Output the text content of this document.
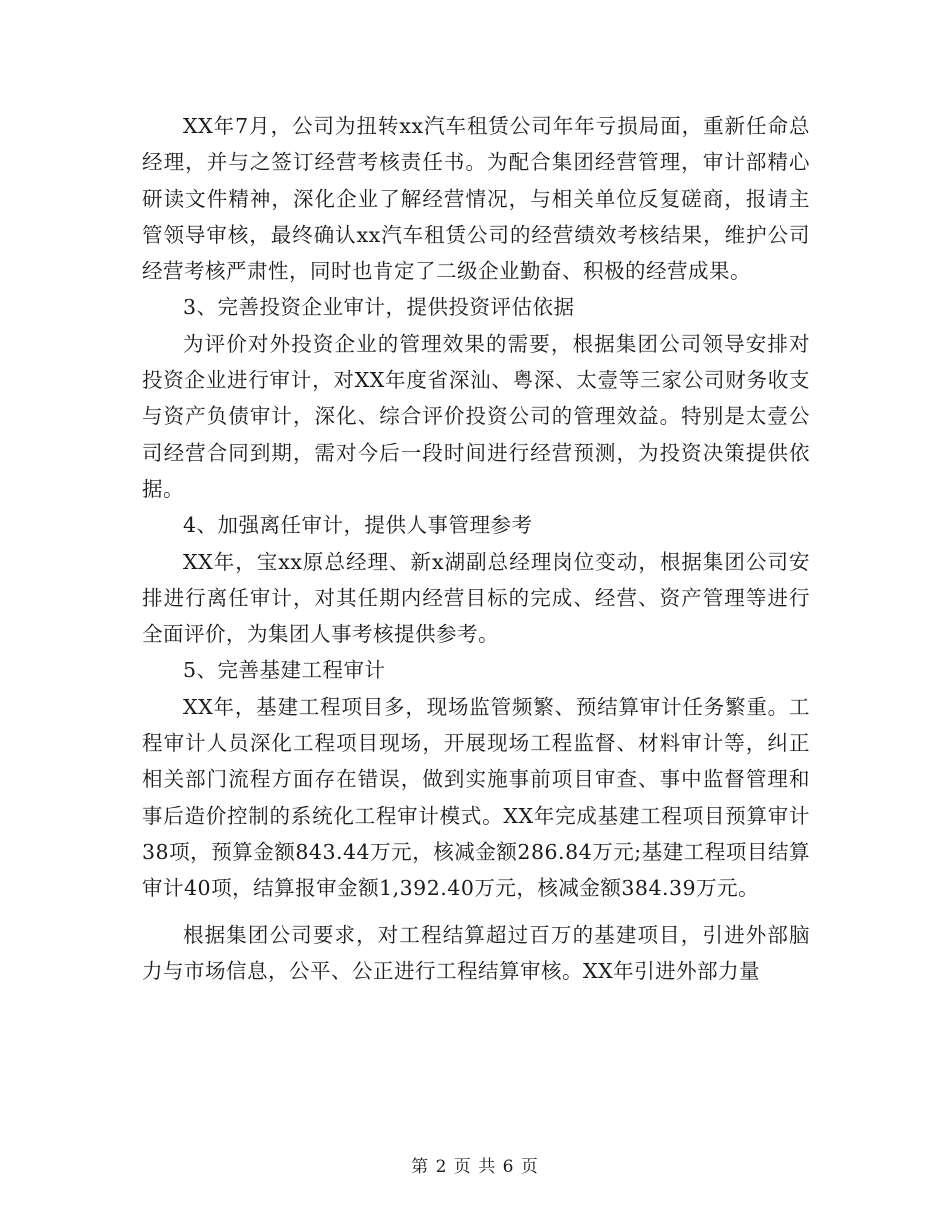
XX年7月，公司为扭转xx汽车租赁公司年年亏损局面，重新任命总经理，并与之签订经营考核责任书。为配合集团经营管理，审计部精心研读文件精神，深化企业了解经营情况，与相关单位反复磋商，报请主管领导审核，最终确认xx汽车租赁公司的经营绩效考核结果，维护公司经营考核严肃性，同时也肯定了二级企业勤奋、积极的经营成果。

3、完善投资企业审计，提供投资评估依据

为评价对外投资企业的管理效果的需要，根据集团公司领导安排对投资企业进行审计，对XX年度省深汕、粤深、太壹等三家公司财务收支与资产负债审计，深化、综合评价投资公司的管理效益。特别是太壹公司经营合同到期，需对今后一段时间进行经营预测，为投资决策提供依据。

4、加强离任审计，提供人事管理参考

XX年，宝xx原总经理、新x湖副总经理岗位变动，根据集团公司安排进行离任审计，对其任期内经营目标的完成、经营、资产管理等进行全面评价，为集团人事考核提供参考。

5、完善基建工程审计

XX年，基建工程项目多，现场监管频繁、预结算审计任务繁重。工程审计人员深化工程项目现场，开展现场工程监督、材料审计等，纠正相关部门流程方面存在错误，做到实施事前项目审查、事中监督管理和事后造价控制的系统化工程审计模式。XX年完成基建工程项目预算审计38项，预算金额843.44万元，核减金额286.84万元;基建工程项目结算审计40项，结算报审金额1,392.40万元，核减金额384.39万元。

根据集团公司要求，对工程结算超过百万的基建项目，引进外部脑力与市场信息，公平、公正进行工程结算审核。XX年引进外部力量

第 2 页 共 6 页
